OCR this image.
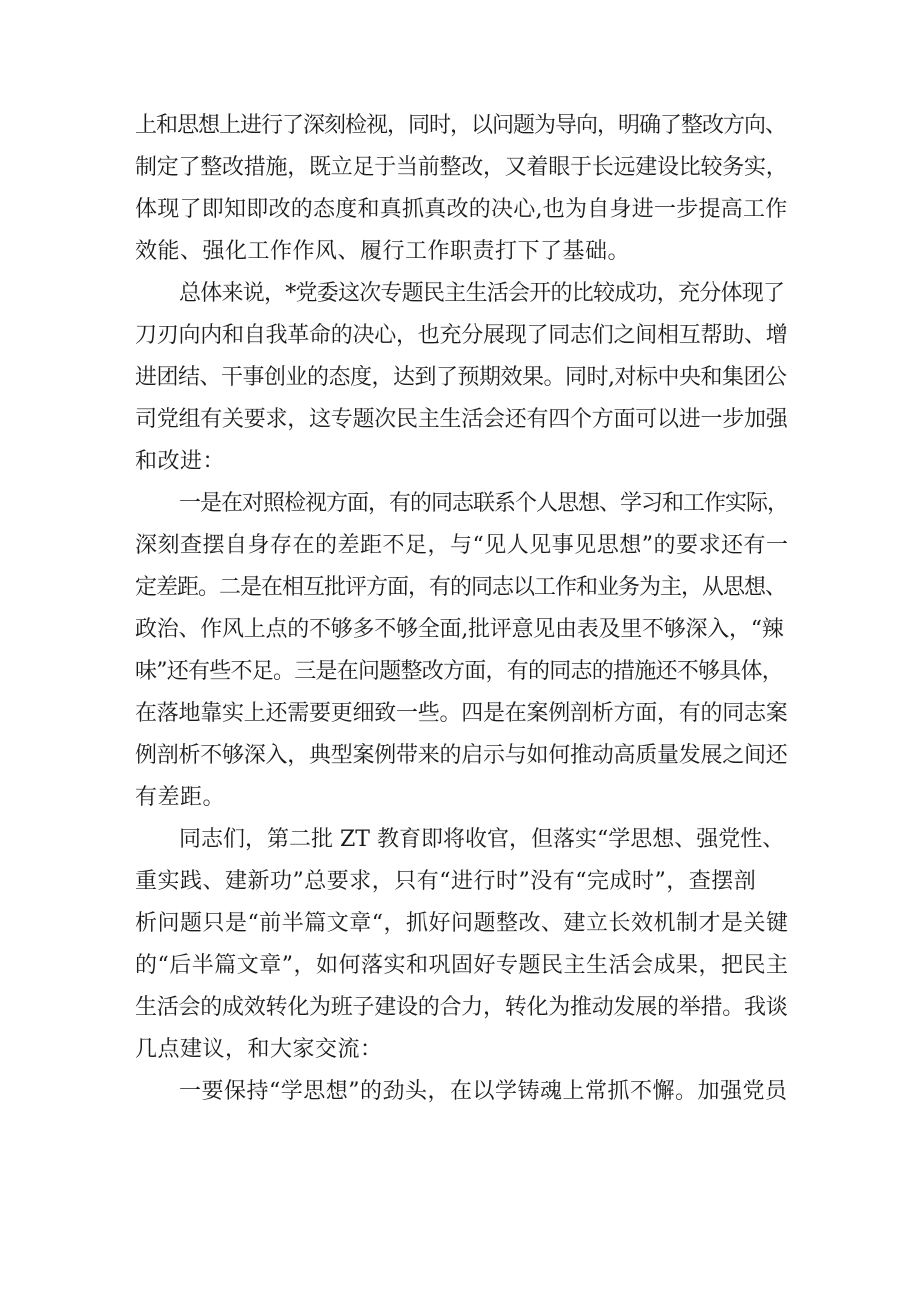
上和思想上进行了深刻检视，同时，以问题为导向，明确了整改方向、
制定了整改措施，既立足于当前整改，又着眼于长远建设比较务实，
体现了即知即改的态度和真抓真改的决心,也为自身进一步提高工作
效能、强化工作作风、履行工作职责打下了基础。
总体来说，*党委这次专题民主生活会开的比较成功，充分体现了
刀刃向内和自我革命的决心，也充分展现了同志们之间相互帮助、增
进团结、干事创业的态度，达到了预期效果。同时,对标中央和集团公
司党组有关要求，这专题次民主生活会还有四个方面可以进一步加强
和改进：
一是在对照检视方面，有的同志联系个人思想、学习和工作实际，
深刻查摆自身存在的差距不足，与“见人见事见思想”的要求还有一
定差距。二是在相互批评方面，有的同志以工作和业务为主，从思想、
政治、作风上点的不够多不够全面,批评意见由表及里不够深入，“辣
味”还有些不足。三是在问题整改方面，有的同志的措施还不够具体，
在落地靠实上还需要更细致一些。四是在案例剖析方面，有的同志案
例剖析不够深入，典型案例带来的启示与如何推动高质量发展之间还
有差距。
同志们，第二批 ZT 教育即将收官，但落实“学思想、强党性、
重实践、建新功”总要求，只有“进行时”没有“完成时”，查摆剖
析问题只是“前半篇文章“，抓好问题整改、建立长效机制才是关键
的“后半篇文章”，如何落实和巩固好专题民主生活会成果，把民主
生活会的成效转化为班子建设的合力，转化为推动发展的举措。我谈
几点建议，和大家交流：
一要保持“学思想”的劲头，在以学铸魂上常抓不懈。加强党员
